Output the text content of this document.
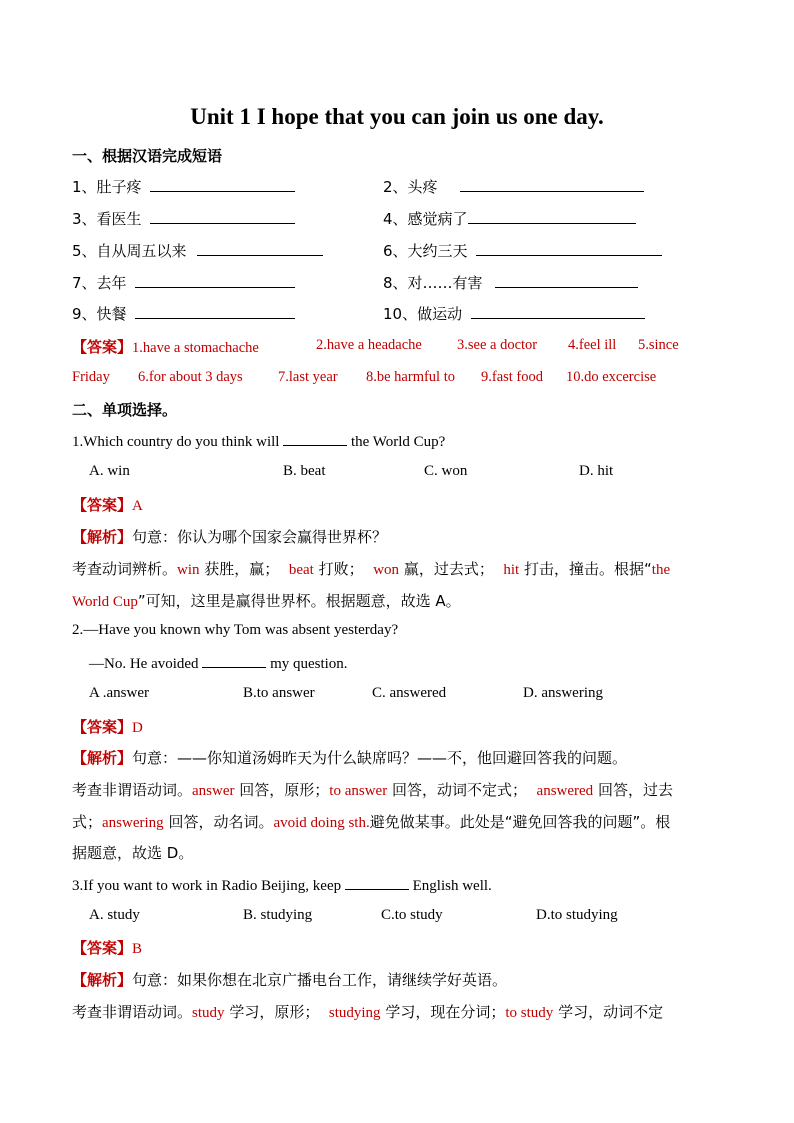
Unit 1 I hope that you can join us one day.
一、根据汉语完成短语
1、肚子疼	2、头疼
3、看医生	4、感觉病了
5、自从周五以来	6、大约三天
7、去年	8、对……有害
9、快餐	10、做运动
【答案】1.have a stomachache	2.have a headache 3.see a doctor 4.feel ill 5.since
Friday 6.for about 3 days 7.last year 8.be harmful to 9.fast food 10.do excercise
二、单项选择。
1.Which country do you think will	the World Cup?
A. win	B. beat	C. won	D. hit
【答案】A
【解析】句意：你认为哪个国家会赢得世界杯？
考查动词辨析。win 获胜，赢； beat 打败； won 赢，过去式； hit 打击，撞击。根据“the
World Cup”可知，这里是赢得世界杯。根据题意，故选 A。
2.—Have you known why Tom was absent yesterday?
—No. He avoided	my question.
A .answer	B.to answer	C. answered	D. answering
【答案】D
【解析】句意：——你知道汤姆昨天为什么缺席吗？——不，他回避回答我的问题。
考查非谓语动词。answer 回答，原形；to answer 回答，动词不定式； answered 回答，过去
式；answering 回答，动名词。avoid doing sth.避免做某事。此处是“避免回答我的问题”。根
据题意，故选 D。
3.If you want to work in Radio Beijing, keep	English well.
A. study	B. studying	C.to study	D.to studying
【答案】B
【解析】句意：如果你想在北京广播电台工作，请继续学好英语。
考查非谓语动词。study 学习，原形； studying 学习，现在分词；to study 学习，动词不定
